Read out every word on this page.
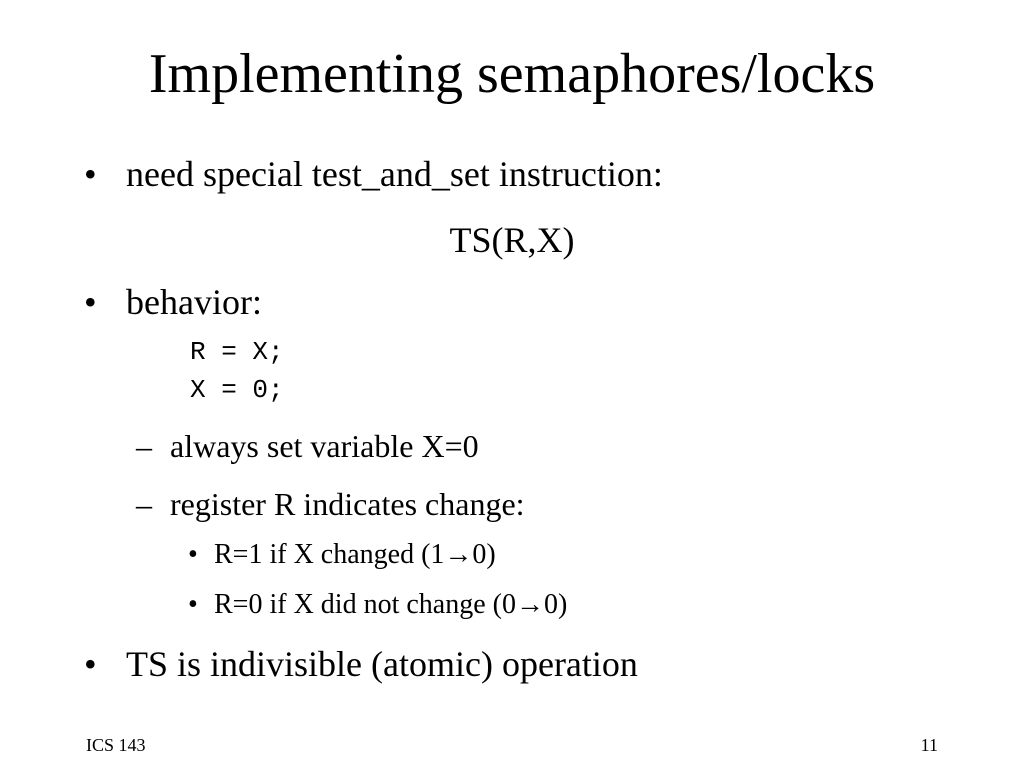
Implementing semaphores/locks
• need special test_and_set instruction:
TS(R,X)
• behavior:
R = X;
X = 0;
– always set variable X=0
– register R indicates change:
• R=1 if X changed (1→0)
• R=0 if X did not change (0→0)
• TS is indivisible (atomic) operation
ICS 143	11
